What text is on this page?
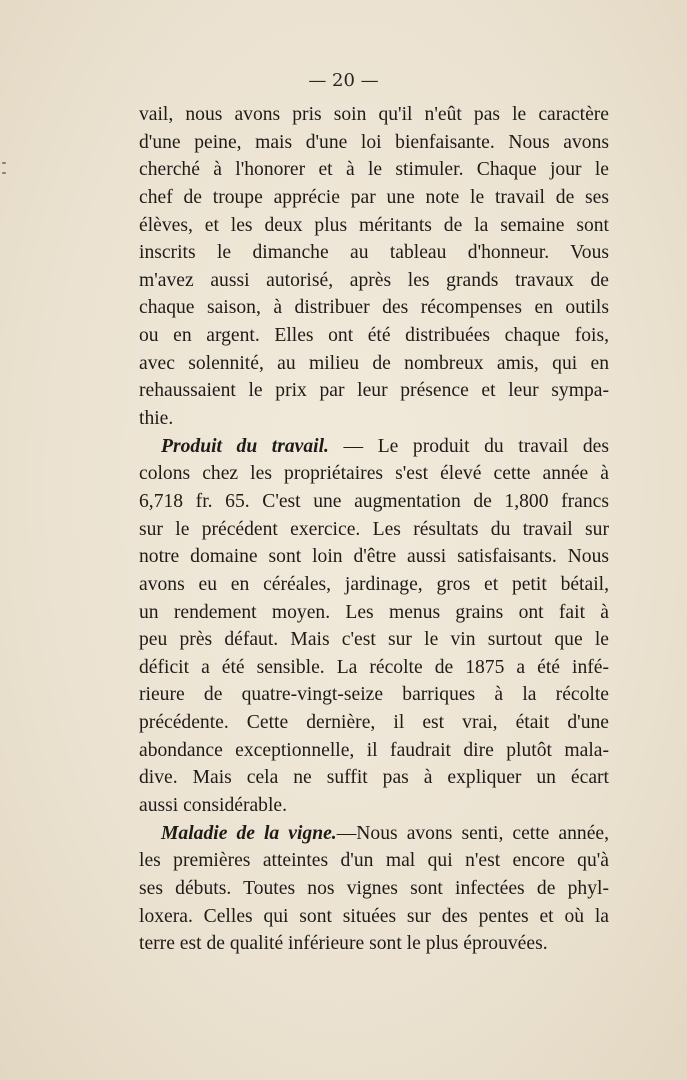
— 20 —
vail, nous avons pris soin qu'il n'eût pas le caractère
d'une peine, mais d'une loi bienfaisante. Nous avons
cherché à l'honorer et à le stimuler. Chaque jour le
chef de troupe apprécie par une note le travail de ses
élèves, et les deux plus méritants de la semaine sont
inscrits le dimanche au tableau d'honneur. Vous
m'avez aussi autorisé, après les grands travaux de
chaque saison, à distribuer des récompenses en outils
ou en argent. Elles ont été distribuées chaque fois,
avec solennité, au milieu de nombreux amis, qui en
rehaussaient le prix par leur présence et leur sympa-
thie.
Produit du travail. — Le produit du travail des
colons chez les propriétaires s'est élevé cette année à
6,718 fr. 65. C'est une augmentation de 1,800 francs
sur le précédent exercice. Les résultats du travail sur
notre domaine sont loin d'être aussi satisfaisants. Nous
avons eu en céréales, jardinage, gros et petit bétail,
un rendement moyen. Les menus grains ont fait à
peu près défaut. Mais c'est sur le vin surtout que le
déficit a été sensible. La récolte de 1875 a été infé-
rieure de quatre-vingt-seize barriques à la récolte
précédente. Cette dernière, il est vrai, était d'une
abondance exceptionnelle, il faudrait dire plutôt mala-
dive. Mais cela ne suffit pas à expliquer un écart
aussi considérable.
Maladie de la vigne.—Nous avons senti, cette année,
les premières atteintes d'un mal qui n'est encore qu'à
ses débuts. Toutes nos vignes sont infectées de phyl-
loxera. Celles qui sont situées sur des pentes et où la
terre est de qualité inférieure sont le plus éprouvées.
